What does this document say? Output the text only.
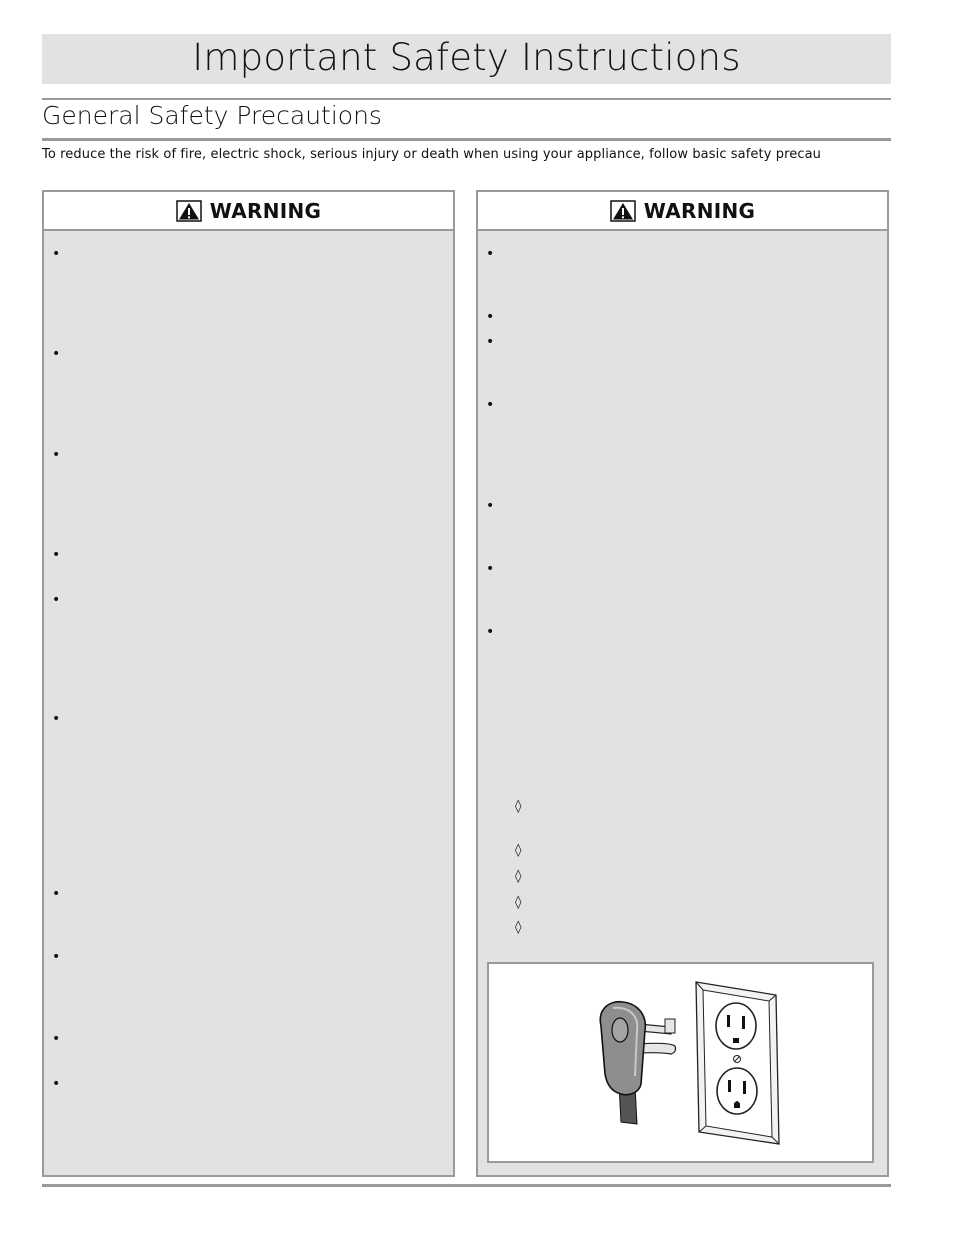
Important Safety Instructions
General Safety Precautions

To reduce the risk of fire, electric shock, serious injury or death when using your appliance, follow basic safety precau

WARNING
•
•
•
•
•
•
•
•
•
•
WARNING
•
•
•
•
•
•
•
◊
◊
◊
◊
◊
